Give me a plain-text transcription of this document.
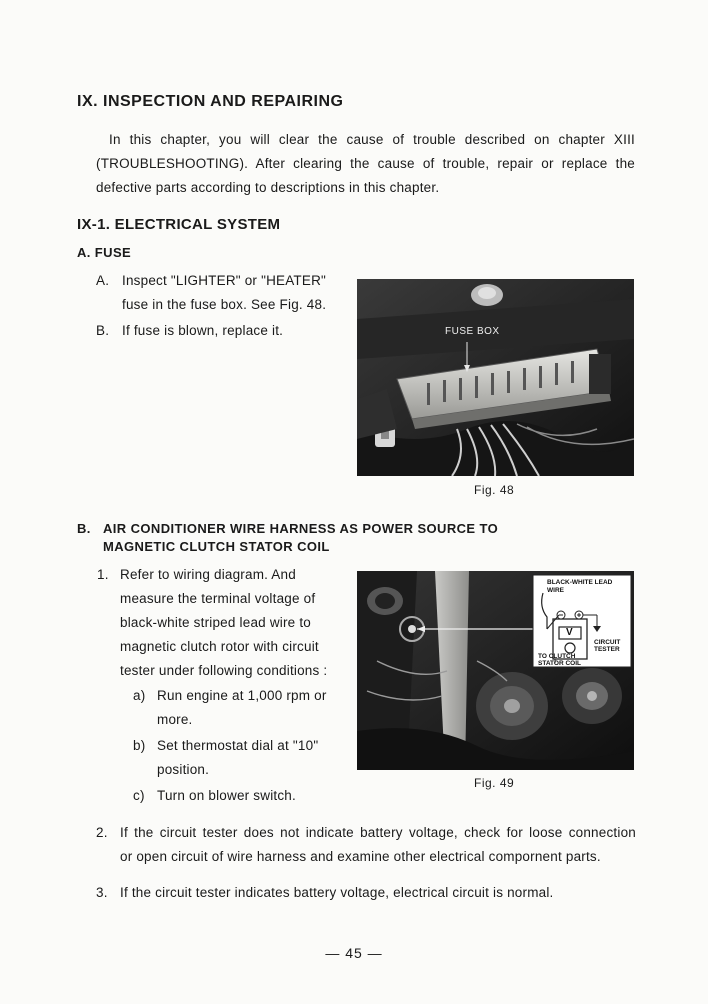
IX. INSPECTION AND REPAIRING
In this chapter, you will clear the cause of trouble described on chapter XIII
(TROUBLESHOOTING). After clearing the cause of trouble, repair or replace the
defective parts according to descriptions in this chapter.
IX-1. ELECTRICAL SYSTEM
A. FUSE
A. Inspect "LIGHTER" or "HEATER"
fuse in the fuse box. See Fig. 48.
B. If fuse is blown, replace it.	FUSE BOX
Fig. 48
B. AIR CONDITIONER WIRE HARNESS AS POWER SOURCE TO
MAGNETIC CLUTCH STATOR COIL
1. Refer to wiring diagram. And
measure the terminal voltage of
black-white striped lead wire to
magnetic clutch rotor with circuit
tester under following conditions :
a) Run engine at 1,000 rpm or
more.
b) Set thermostat dial at "10"
position.
c) Turn on blower switch.
BLACK-WHITE LEAD
WIRE
CIRCUIT
TESTER
TO CLUTCH
STATOR COIL
V
Fig. 49
2. If the circuit tester does not indicate battery voltage, check for loose connection
or open circuit of wire harness and examine other electrical compornent parts.
3. If the circuit tester indicates battery voltage, electrical circuit is normal.
— 45 —
